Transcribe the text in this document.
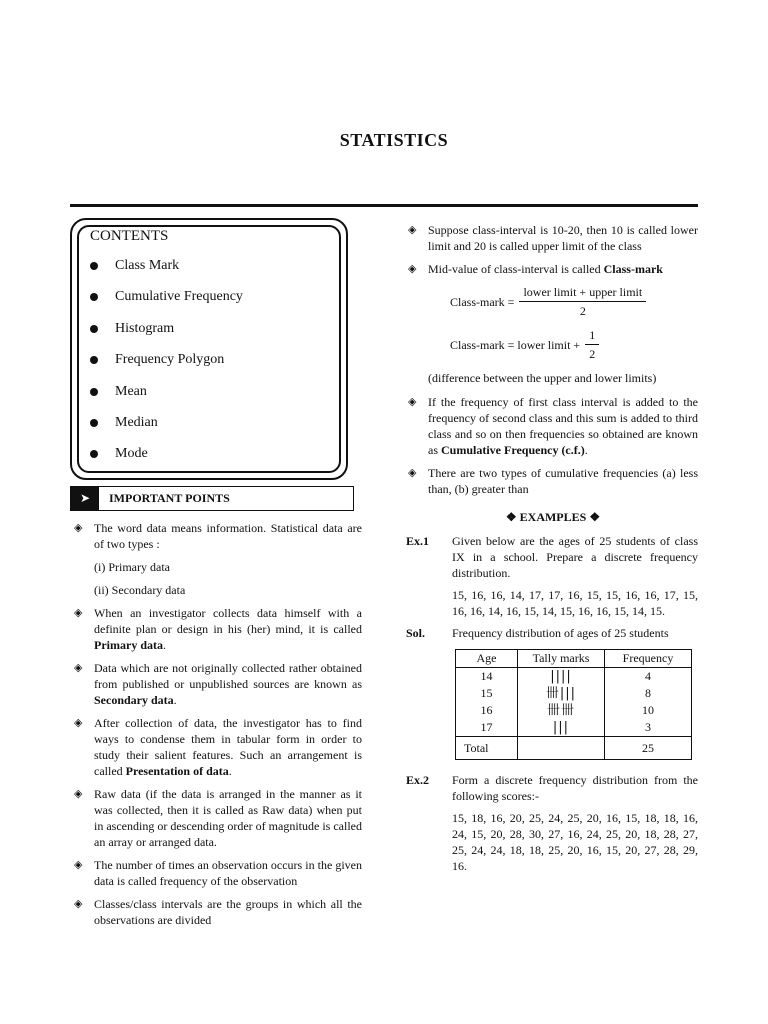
STATISTICS
CONTENTS
Class Mark
Cumulative Frequency
Histogram
Frequency Polygon
Mean
Median
Mode
➤	IMPORTANT POINTS
◈ The word data means information. Statistical data are of two types :
(i) Primary data
(ii) Secondary data
◈ When an investigator collects data himself with a definite plan or design in his (her) mind, it is called Primary data.
◈ Data which are not originally collected rather obtained from published or unpublished sources are known as Secondary data.
◈ After collection of data, the investigator has to find ways to condense them in tabular form in order to study their salient features. Such an arrangement is called Presentation of data.
◈ Raw data (if the data is arranged in the manner as it was collected, then it is called as Raw data) when put in ascending or descending order of magnitude is called an array or arranged data.
◈ The number of times an observation occurs in the given data is called frequency of the observation
◈ Classes/class intervals are the groups in which all the observations are divided
◈ Suppose class-interval is 10-20, then 10 is called lower limit and 20 is called upper limit of the class
◈ Mid-value of class-interval is called Class-mark
Class-mark = $\frac{\text{lower limit + upper limit}}{2}$
Class-mark = lower limit + $\frac{1}{2}$
(difference between the upper and lower limits)
◈ If the frequency of first class interval is added to the frequency of second class and this sum is added to third class and so on then frequencies so obtained are known as Cumulative Frequency (c.f.).
◈ There are two types of cumulative frequencies (a) less than, (b) greater than
❖ EXAMPLES ❖
Ex.1 Given below are the ages of 25 students of class IX in a school. Prepare a discrete frequency distribution.

15, 16, 16, 14, 17, 17, 16, 15, 15, 16, 16, 17, 15, 16, 16, 14, 16, 15, 14, 15, 16, 16, 15, 14, 15.

Sol. Frequency distribution of ages of 25 students

Age	Tally marks	Frequency
14	||||	4
15	卌|||	8
16	卌卌	10
17	|||	3
Total		25
Ex.2 Form a discrete frequency distribution from the following scores:-

15, 18, 16, 20, 25, 24, 25, 20, 16, 15, 18, 18, 16, 24, 15, 20, 28, 30, 27, 16, 24, 25, 20, 18, 28, 27, 25, 24, 24, 18, 18, 25, 20, 16, 15, 20, 27, 28, 29, 16.
